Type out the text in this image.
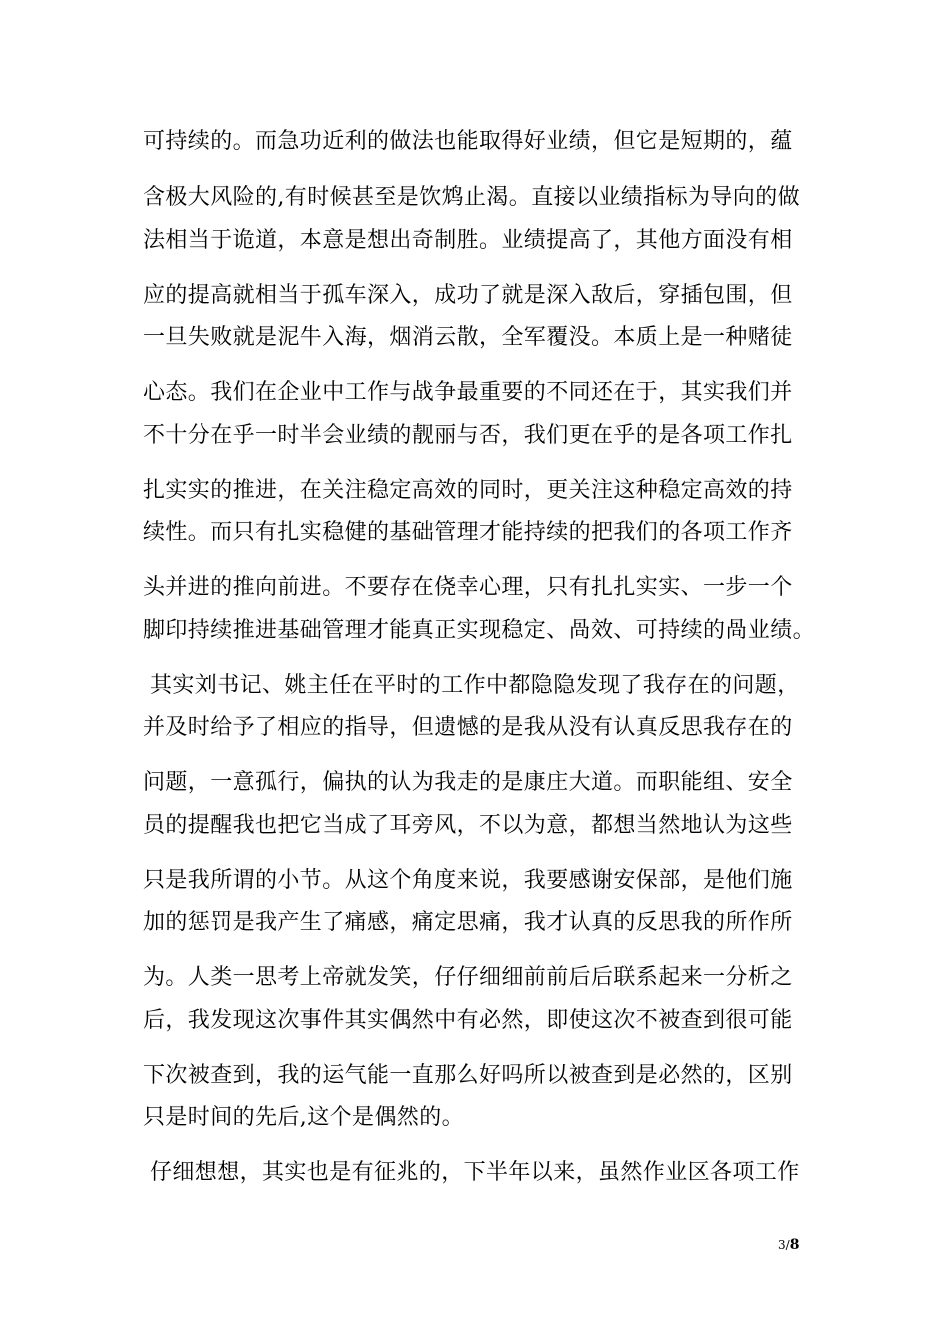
可持续的。而急功近利的做法也能取得好业绩，但它是短期的，蕴
含极大风险的,有时候甚至是饮鸩止渴。直接以业绩指标为导向的做
法相当于诡道，本意是想出奇制胜。业绩提高了，其他方面没有相
应的提高就相当于孤车深入，成功了就是深入敌后，穿插包围，但
一旦失败就是泥牛入海，烟消云散，全军覆没。本质上是一种赌徒
心态。我们在企业中工作与战争最重要的不同还在于，其实我们并
不十分在乎一时半会业绩的靓丽与否，我们更在乎的是各项工作扎
扎实实的推进，在关注稳定高效的同时，更关注这种稳定高效的持
续性。而只有扎实稳健的基础管理才能持续的把我们的各项工作齐
头并进的推向前进。不要存在侥幸心理，只有扎扎实实、一步一个
脚印持续推进基础管理才能真正实现稳定、咼效、可持续的咼业绩。
其实刘书记、姚主任在平时的工作中都隐隐发现了我存在的问题，
并及时给予了相应的指导，但遗憾的是我从没有认真反思我存在的
问题，一意孤行，偏执的认为我走的是康庄大道。而职能组、安全
员的提醒我也把它当成了耳旁风，不以为意，都想当然地认为这些
只是我所谓的小节。从这个角度来说，我要感谢安保部，是他们施
加的惩罚是我产生了痛感，痛定思痛，我才认真的反思我的所作所
为。人类一思考上帝就发笑，仔仔细细前前后后联系起来一分析之
后，我发现这次事件其实偶然中有必然，即使这次不被查到很可能
下次被查到，我的运气能一直那么好吗所以被查到是必然的，区别
只是时间的先后,这个是偶然的。
仔细想想，其实也是有征兆的，下半年以来，虽然作业区各项工作
3/8
